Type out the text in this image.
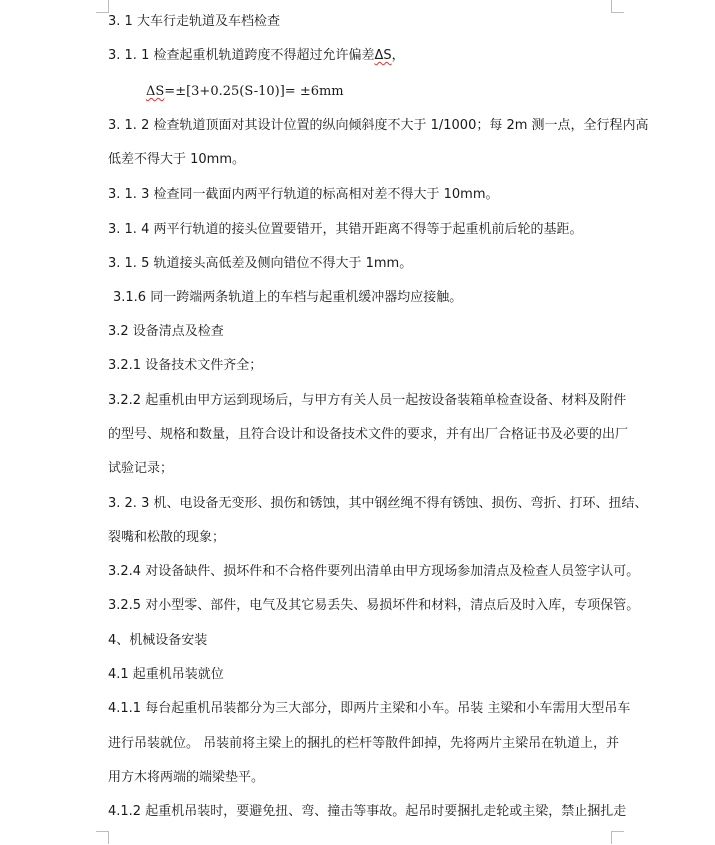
3. 1 大车行走轨道及车档检查
3. 1. 1 检查起重机轨道跨度不得超过允许偏差ΔS，
ΔS=±[3+0.25(S-10)]= ±6mm
3. 1. 2 检查轨道顶面对其设计位置的纵向倾斜度不大于 1/1000；每 2m 测一点，全行程内高
低差不得大于 10mm。
3. 1. 3 检查同一截面内两平行轨道的标高相对差不得大于 10mm。
3. 1. 4 两平行轨道的接头位置要错开，其错开距离不得等于起重机前后轮的基距。
3. 1. 5 轨道接头高低差及侧向错位不得大于 1mm。
3.1.6 同一跨端两条轨道上的车档与起重机缓冲器均应接触。
3.2 设备清点及检查
3.2.1 设备技术文件齐全；
3.2.2 起重机由甲方运到现场后，与甲方有关人员一起按设备装箱单检查设备、材料及附件
的型号、规格和数量，且符合设计和设备技术文件的要求，并有出厂合格证书及必要的出厂
试验记录；
3. 2. 3 机、电设备无变形、损伤和锈蚀，其中钢丝绳不得有锈蚀、损伤、弯折、打环、扭结、
裂嘴和松散的现象；
3.2.4 对设备缺件、损坏件和不合格件要列出清单由甲方现场参加清点及检查人员签字认可。
3.2.5 对小型零、部件，电气及其它易丢失、易损坏件和材料，清点后及时入库，专项保管。
4、机械设备安装
4.1 起重机吊装就位
4.1.1 每台起重机吊装都分为三大部分，即两片主梁和小车。吊装 主梁和小车需用大型吊车
进行吊装就位。 吊装前将主梁上的捆扎的栏杆等散件卸掉，先将两片主梁吊在轨道上，并
用方木将两端的端梁垫平。
4.1.2 起重机吊装时，要避免扭、弯、撞击等事故。起吊时要捆扎走轮或主梁，禁止捆扎走
